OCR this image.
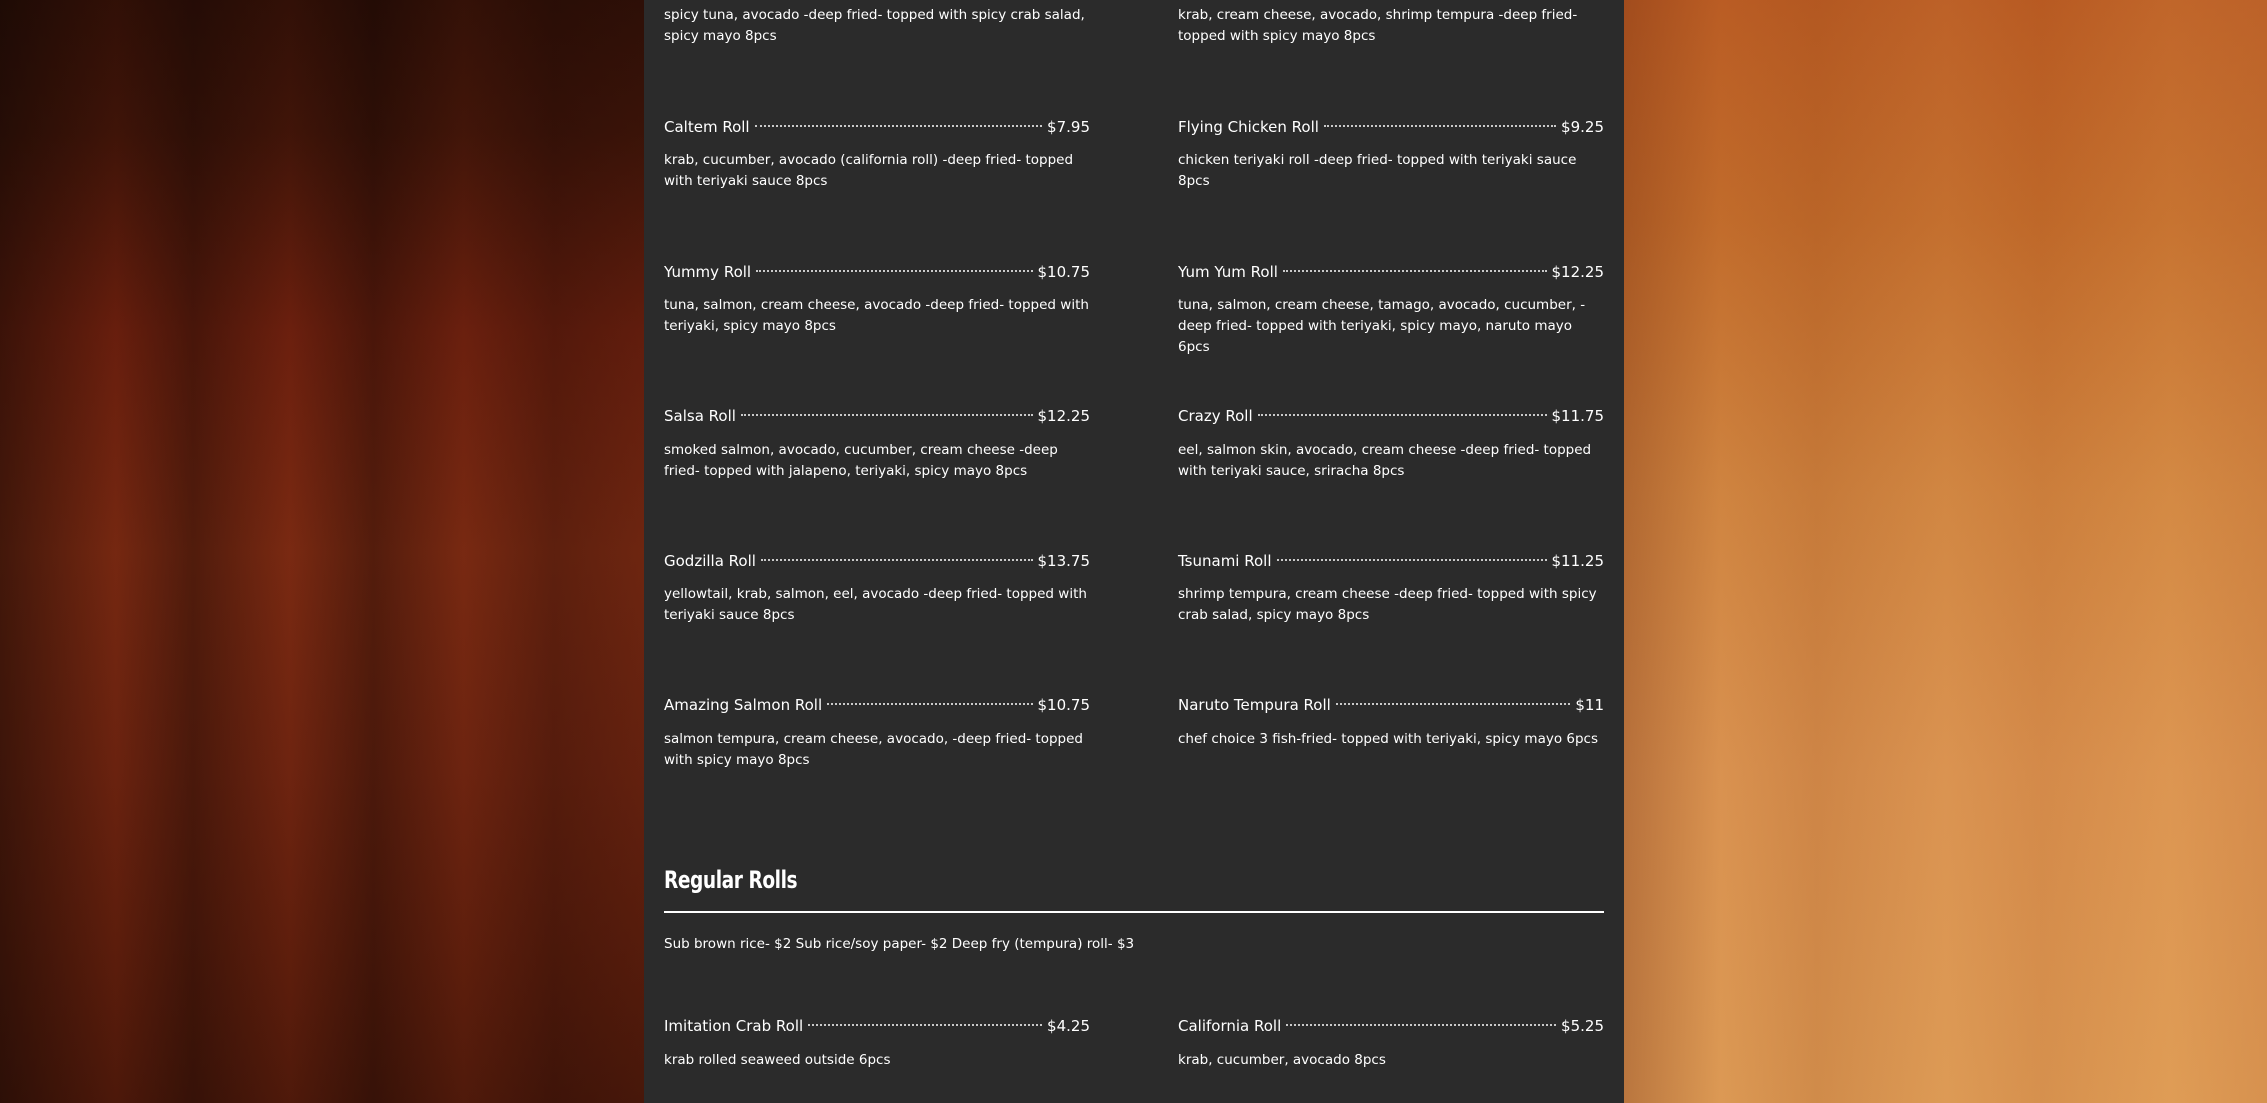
spicy tuna, avocado -deep fried- topped with spicy crab salad, spicy mayo 8pcs
Caltem Roll	$7.95
krab, cucumber, avocado (california roll) -deep fried- topped with teriyaki sauce 8pcs
Yummy Roll	$10.75
tuna, salmon, cream cheese, avocado -deep fried- topped with teriyaki, spicy mayo 8pcs
Salsa Roll	$12.25
smoked salmon, avocado, cucumber, cream cheese -deep fried- topped with jalapeno, teriyaki, spicy mayo 8pcs
Godzilla Roll	$13.75
yellowtail, krab, salmon, eel, avocado -deep fried- topped with teriyaki sauce 8pcs
Amazing Salmon Roll	$10.75
salmon tempura, cream cheese, avocado, -deep fried- topped with spicy mayo 8pcs
Imitation Crab Roll	$4.25
krab rolled seaweed outside 6pcs
krab, cream cheese, avocado, shrimp tempura -deep fried- topped with spicy mayo 8pcs
Flying Chicken Roll	$9.25
chicken teriyaki roll -deep fried- topped with teriyaki sauce 8pcs
Yum Yum Roll	$12.25
tuna, salmon, cream cheese, tamago, avocado, cucumber, -deep fried- topped with teriyaki, spicy mayo, naruto mayo 6pcs
Crazy Roll	$11.75
eel, salmon skin, avocado, cream cheese -deep fried- topped with teriyaki sauce, sriracha 8pcs
Tsunami Roll	$11.25
shrimp tempura, cream cheese -deep fried- topped with spicy crab salad, spicy mayo 8pcs
Naruto Tempura Roll	$11
chef choice 3 fish-fried- topped with teriyaki, spicy mayo 6pcs
California Roll	$5.25
krab, cucumber, avocado 8pcs
Regular Rolls
Sub brown rice- $2 Sub rice/soy paper- $2 Deep fry (tempura) roll- $3
